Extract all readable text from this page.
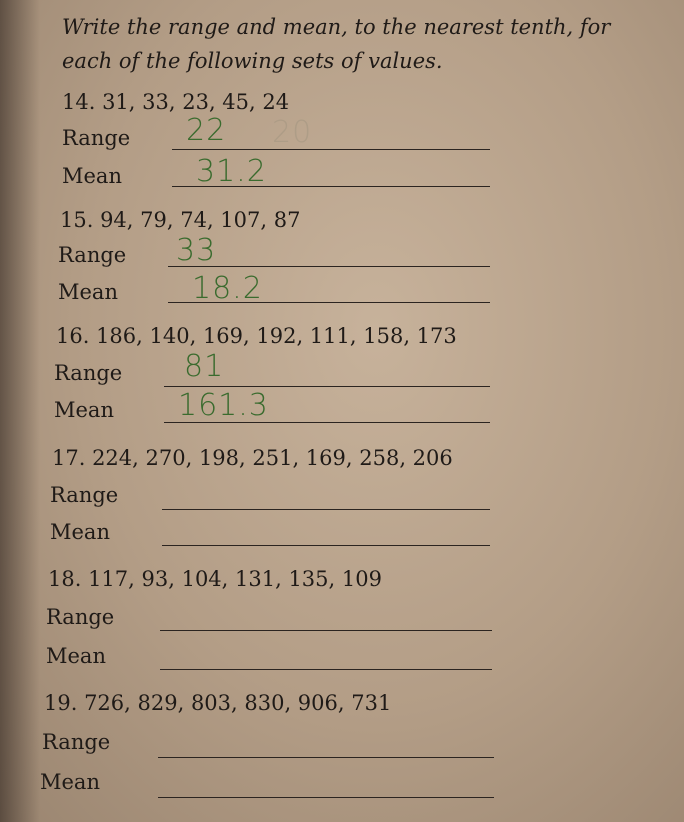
Write the range and mean, to the nearest tenth, for each of the following sets of values.
14. 31, 33, 23, 45, 24
Range 22 20
Mean 31.2
15. 94, 79, 74, 107, 87
Range 33
Mean 18.2
16. 186, 140, 169, 192, 111, 158, 173
Range 81
Mean 161.3
17. 224, 270, 198, 251, 169, 258, 206
Range
Mean
18. 117, 93, 104, 131, 135, 109
Range
Mean
19. 726, 829, 803, 830, 906, 731
Range
Mean
